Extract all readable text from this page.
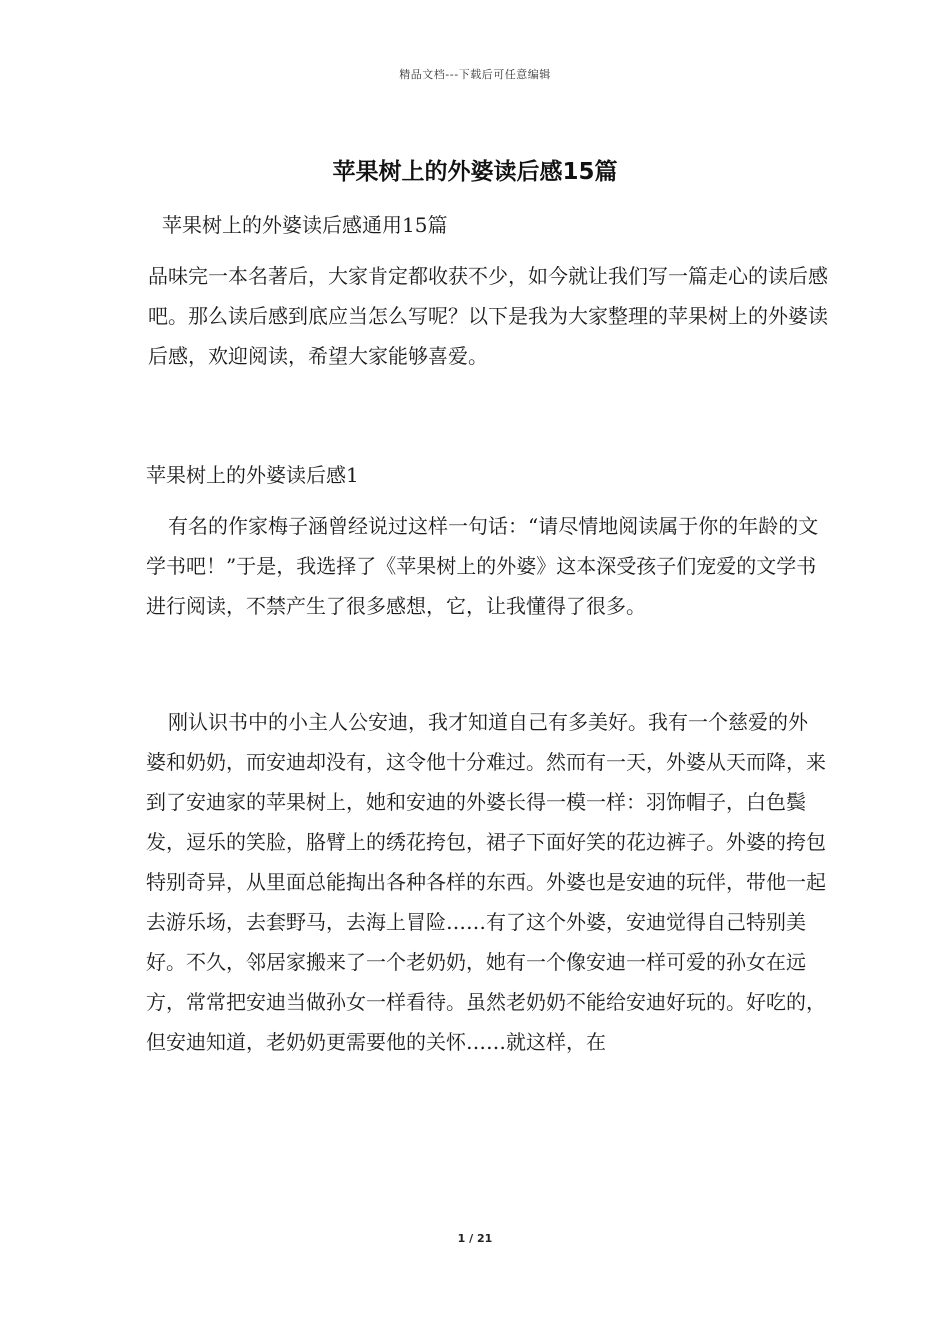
精品文档---下载后可任意编辑
苹果树上的外婆读后感15篇

苹果树上的外婆读后感通用15篇

品味完一本名著后，大家肯定都收获不少，如今就让我们写一篇走心的读后感吧。那么读后感到底应当怎么写呢？以下是我为大家整理的苹果树上的外婆读后感，欢迎阅读，希望大家能够喜爱。

苹果树上的外婆读后感1

有名的作家梅子涵曾经说过这样一句话：“请尽情地阅读属于你的年龄的文学书吧！”于是，我选择了《苹果树上的外婆》这本深受孩子们宠爱的文学书进行阅读，不禁产生了很多感想，它，让我懂得了很多。

刚认识书中的小主人公安迪，我才知道自己有多美好。我有一个慈爱的外婆和奶奶，而安迪却没有，这令他十分难过。然而有一天，外婆从天而降，来到了安迪家的苹果树上，她和安迪的外婆长得一模一样：羽饰帽子，白色鬓发，逗乐的笑脸，胳臂上的绣花挎包，裙子下面好笑的花边裤子。外婆的挎包特别奇异，从里面总能掏出各种各样的东西。外婆也是安迪的玩伴，带他一起去游乐场，去套野马，去海上冒险……有了这个外婆，安迪觉得自己特别美好。不久，邻居家搬来了一个老奶奶，她有一个像安迪一样可爱的孙女在远方，常常把安迪当做孙女一样看待。虽然老奶奶不能给安迪好玩的。好吃的，但安迪知道，老奶奶更需要他的关怀……就这样，在

1 / 21
